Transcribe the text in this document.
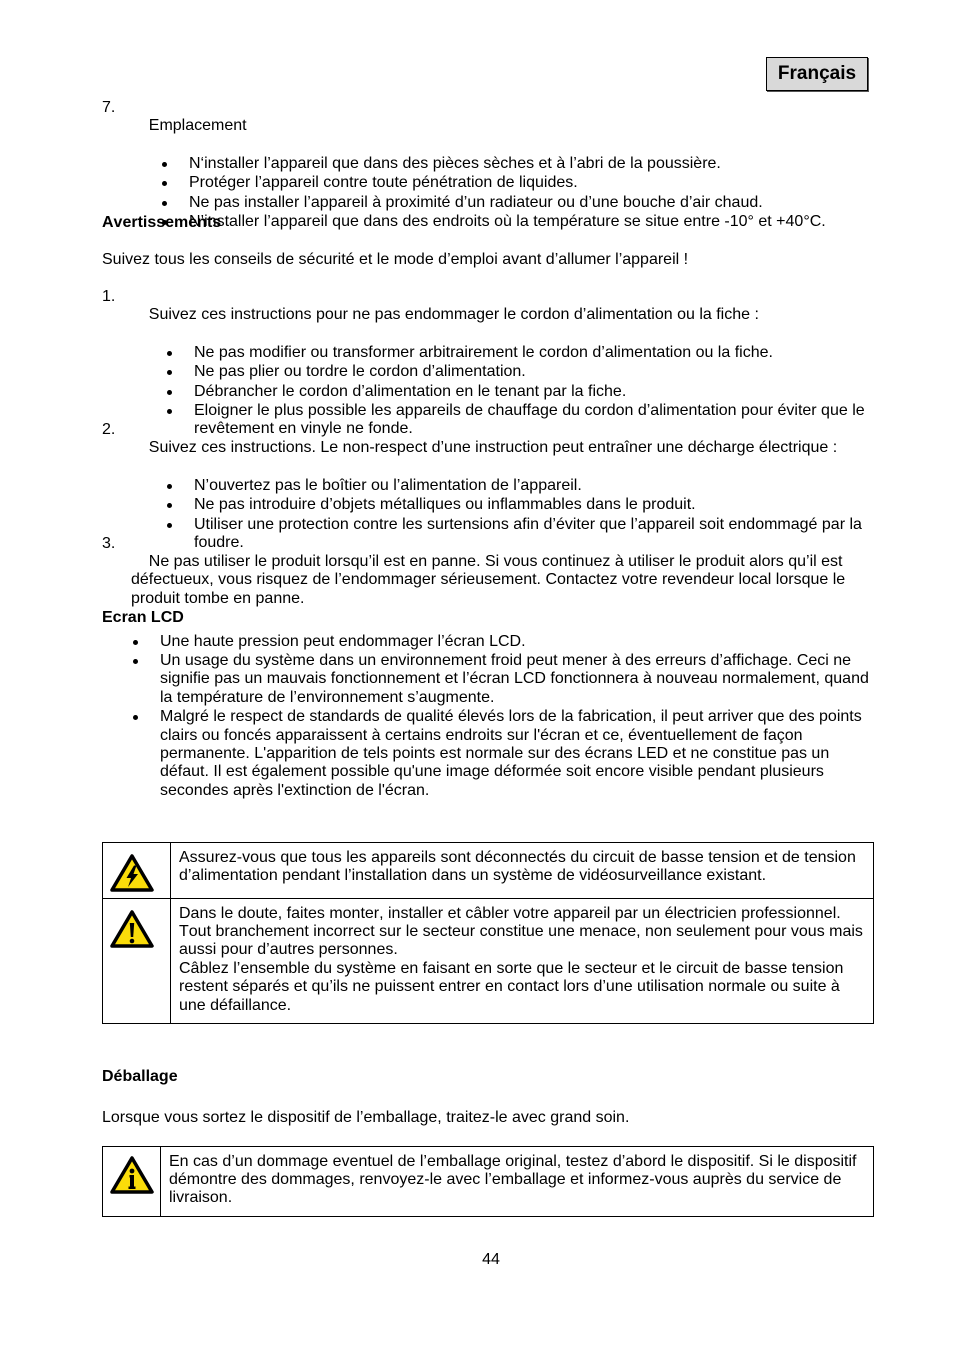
Français

7.
Emplacement

N‘installer l’appareil que dans des pièces sèches et à l’abri de la poussière.
Protéger l’appareil contre toute pénétration de liquides.
Ne pas installer l’appareil à proximité d’un radiateur ou d’une bouche d’air chaud.
N’installer l’appareil que dans des endroits où la température se situe entre -10° et +40°C.
Avertissements
Suivez tous les conseils de sécurité et le mode d’emploi avant d’allumer l’appareil !

1.
Suivez ces instructions pour ne pas endommager le cordon d’alimentation ou la fiche :

Ne pas modifier ou transformer arbitrairement le cordon d’alimentation ou la fiche.
Ne pas plier ou tordre le cordon d’alimentation.
Débrancher le cordon d’alimentation en le tenant par la fiche.
Eloigner le plus possible les appareils de chauffage du cordon d’alimentation pour éviter que le
revêtement en vinyle ne fonde.

2.
Suivez ces instructions. Le non-respect d’une instruction peut entraîner une décharge électrique :

N’ouvertez pas le boîtier ou l’alimentation de l’appareil.
Ne pas introduire d’objets métalliques ou inflammables dans le produit.
Utiliser une protection contre les surtensions afin d’éviter que l’appareil soit endommagé par la
foudre.

3.
Ne pas utiliser le produit lorsqu’il est en panne. Si vous continuez à utiliser le produit alors qu’il est
défectueux, vous risquez de l’endommager sérieusement. Contactez votre revendeur local lorsque le
produit tombe en panne.

Ecran LCD
Une haute pression peut endommager l’écran LCD.
Un usage du système dans un environnement froid peut mener à des erreurs d’affichage. Ceci ne
signifie pas un mauvais fonctionnement et l’écran LCD fonctionnera à nouveau normalement, quand
la température de l’environnement s’augmente.
Malgré le respect de standards de qualité élevés lors de la fabrication, il peut arriver que des points
clairs ou foncés apparaissent à certains endroits sur l'écran et ce, éventuellement de façon
permanente. L'apparition de tels points est normale sur des écrans LED et ne constitue pas un
défaut. Il est également possible qu'une image déformée soit encore visible pendant plusieurs
secondes après l'extinction de l'écran.
Assurez-vous que tous les appareils sont déconnectés du circuit de basse tension et de tension
d’alimentation pendant l’installation dans un système de vidéosurveillance existant.
Dans le doute, faites monter, installer et câbler votre appareil par un électricien professionnel.
Tout branchement incorrect sur le secteur constitue une menace, non seulement pour vous mais
aussi pour d’autres personnes.
Câblez l’ensemble du système en faisant en sorte que le secteur et le circuit de basse tension
restent séparés et qu’ils ne puissent entrer en contact lors d’une utilisation normale ou suite à
une défaillance.
Déballage
Lorsque vous sortez le dispositif de l’emballage, traitez-le avec grand soin.
En cas d’un dommage eventuel de l’emballage original, testez d’abord le dispositif. Si le dispositif
démontre des dommages, renvoyez-le avec l’emballage et informez-vous auprès du service de
livraison.
44
